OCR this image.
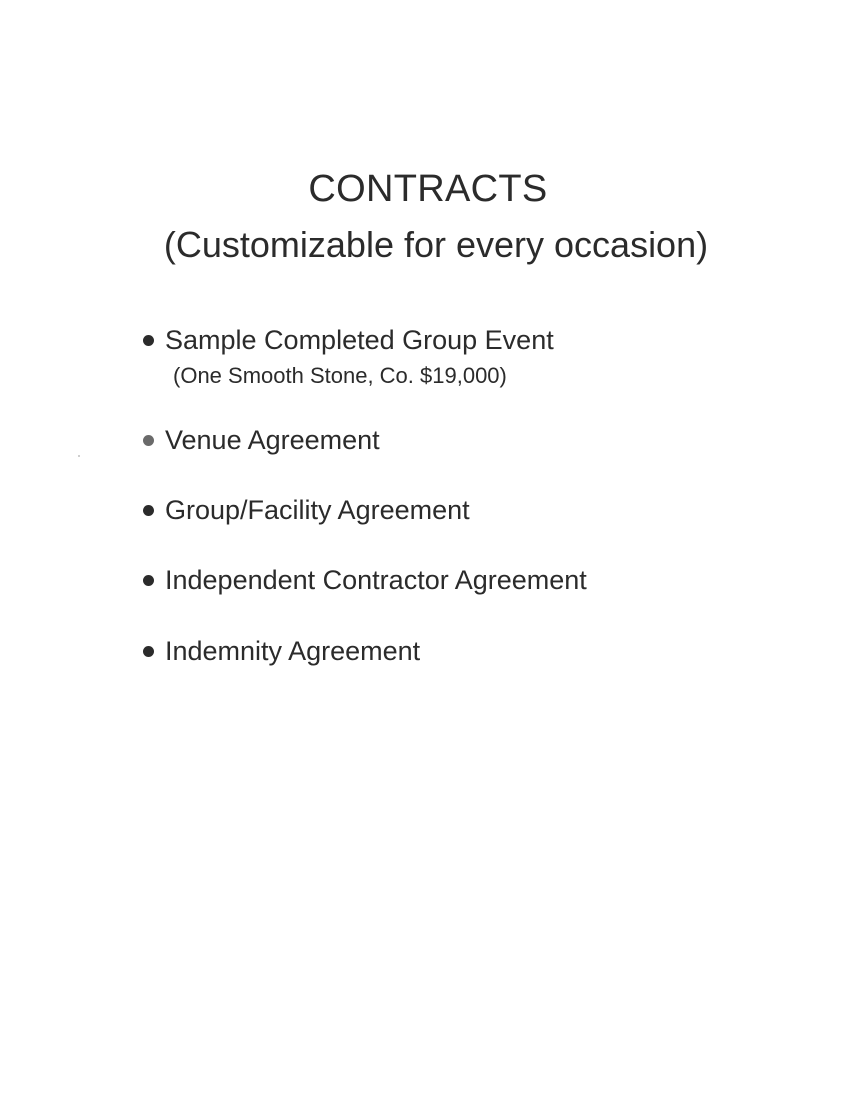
CONTRACTS
(Customizable for every occasion)
Sample Completed Group Event
Venue Agreement
Group/Facility Agreement
Independent Contractor Agreement
Indemnity Agreement
(One Smooth Stone, Co. $19,000)
